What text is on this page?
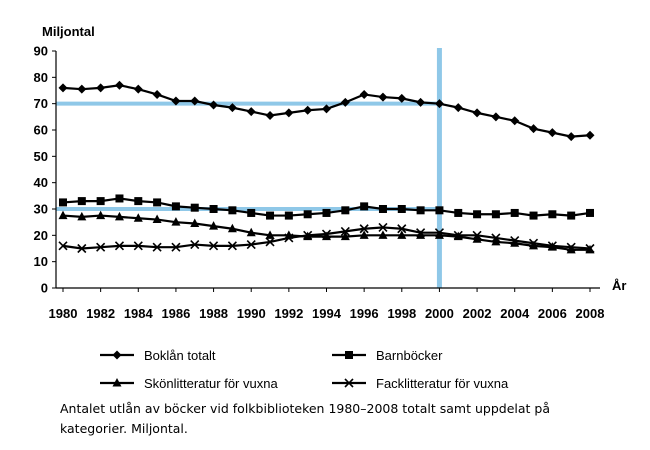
0
10
20
30
40
50
60
70
80
90
1980 1982 1984 1986 1988 1990 1992 1994 1996 1998 2000 2002 2004 2006 2008
Miljontal
År
Boklån totalt	Barnböcker
Skönlitteratur för vuxna	Facklitteratur för vuxna
Antalet utlån av böcker vid folkbiblioteken 1980–2008 totalt samt uppdelat på kategorier. Miljontal.
